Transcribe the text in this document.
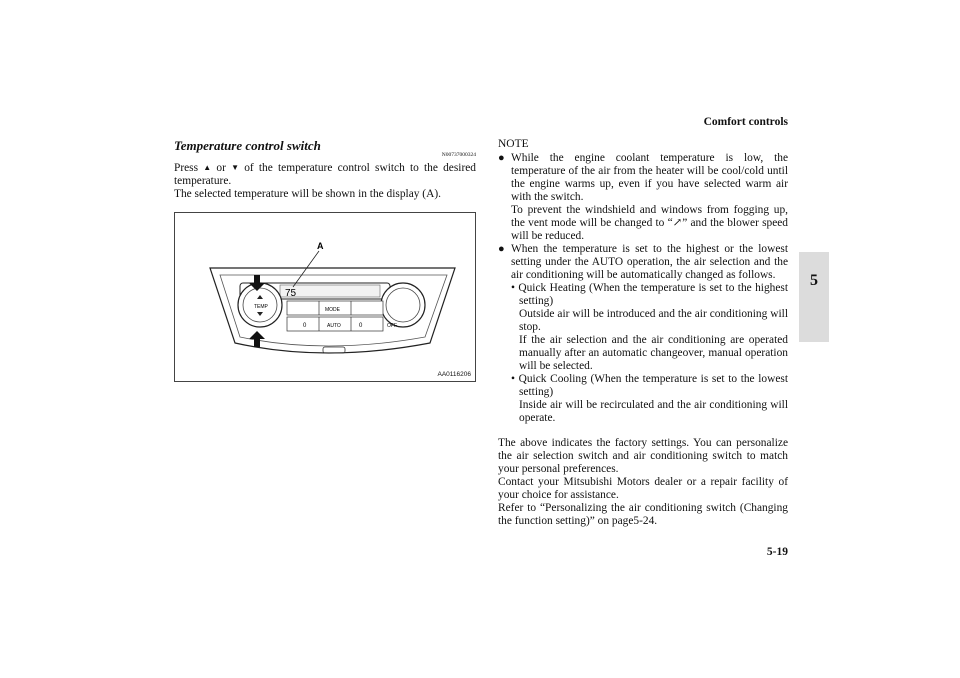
Comfort controls
5
Temperature control switch
N00737000324

Press ▲ or ▼ of the temperature control switch to the desired temperature.

The selected temperature will be shown in the display (A).

75
TEMP	MODE
0	AUTO	0	OFF
A
AA0116206
NOTE
● While the engine coolant temperature is low, the temperature of the air from the heater will be cool/cold until the engine warms up, even if you have selected warm air with the switch.

To prevent the windshield and windows from fogging up, the vent mode will be changed to “↗” and the blower speed will be reduced.

● When the temperature is set to the highest or the lowest setting under the AUTO operation, the air selection and the air conditioning will be automatically changed as follows.

• Quick Heating (When the temperature is set to the highest setting)

Outside air will be introduced and the air conditioning will stop.

If the air selection and the air conditioning are operated manually after an automatic changeover, manual operation will be selected.

• Quick Cooling (When the temperature is set to the lowest setting)

Inside air will be recirculated and the air conditioning will operate.

The above indicates the factory settings. You can personalize the air selection switch and air conditioning switch to match your personal preferences.

Contact your Mitsubishi Motors dealer or a repair facility of your choice for assistance.

Refer to “Personalizing the air conditioning switch (Changing the function setting)” on page5-24.

5-19
